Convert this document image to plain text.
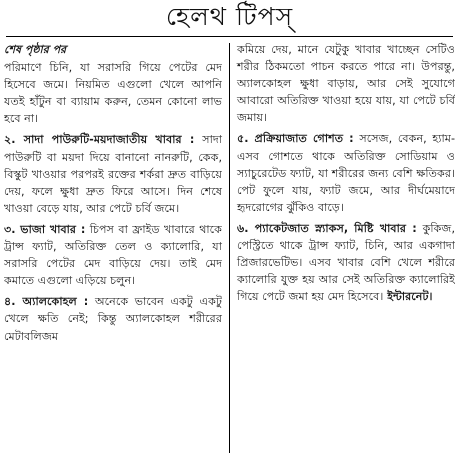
হেলথ টিপস্
শেষ পৃষ্ঠার পর

পরিমাণে চিনি, যা সরাসরি গিয়ে পেটের মেদ হিসেবে জমে। নিয়মিত এগুলো খেলে আপনি যতই হাঁটুন বা ব্যায়াম করুন, তেমন কোনো লাভ হবে না।

২. সাদা পাউরুটি-ময়দাজাতীয় খাবার : সাদা পাউরুটি বা ময়দা দিয়ে বানানো নানরুটি, কেক, বিস্কুট খাওয়ার পরপরই রক্তের শর্করা দ্রুত বাড়িয়ে দেয়, ফলে ক্ষুধা দ্রুত ফিরে আসে। দিন শেষে খাওয়া বেড়ে যায়, আর পেটে চর্বি জমে।

৩. ভাজা খাবার : চিপস বা ফ্রাইড খাবারে থাকে ট্রান্স ফ্যাট, অতিরিক্ত তেল ও ক্যালোরি, যা সরাসরি পেটের মেদ বাড়িয়ে দেয়। তাই মেদ কমাতে এগুলো এড়িয়ে চলুন।

৪. অ্যালকোহল : অনেকে ভাবেন একটু একটু খেলে ক্ষতি নেই; কিন্তু অ্যালকোহল শরীরের মেটাবলিজম

কমিয়ে দেয়, মানে যেটুকু খাবার খাচ্ছেন সেটিও শরীর ঠিকমতো পাচন করতে পারে না। উপরন্তু, অ্যালকোহল ক্ষুধা বাড়ায়, আর সেই সুযোগে আবারো অতিরিক্ত খাওয়া হয়ে যায়, যা পেটে চর্বি জমায়।

৫. প্রক্রিয়াজাত গোশত : সসেজ, বেকন, হ্যাম-এসব গোশতে থাকে অতিরিক্ত সোডিয়াম ও স্যাচুরেটেড ফ্যাট, যা শরীরের জন্য বেশি ক্ষতিকর। পেট ফুলে যায়, ফ্যাট জমে, আর দীর্ঘমেয়াদে হৃদরোগের ঝুঁকিও বাড়ে।

৬. প্যাকেটজাত স্ন্যাকস, মিষ্টি খাবার : কুকিজ, পেস্ট্রিতে থাকে ট্রান্স ফ্যাট, চিনি, আর একগাদা প্রিজারভেটিভ। এসব খাবার বেশি খেলে শরীরে ক্যালোরি যুক্ত হয় আর সেই অতিরিক্ত ক্যালোরিই গিয়ে পেটে জমা হয় মেদ হিসেবে। ইন্টারনেট।
